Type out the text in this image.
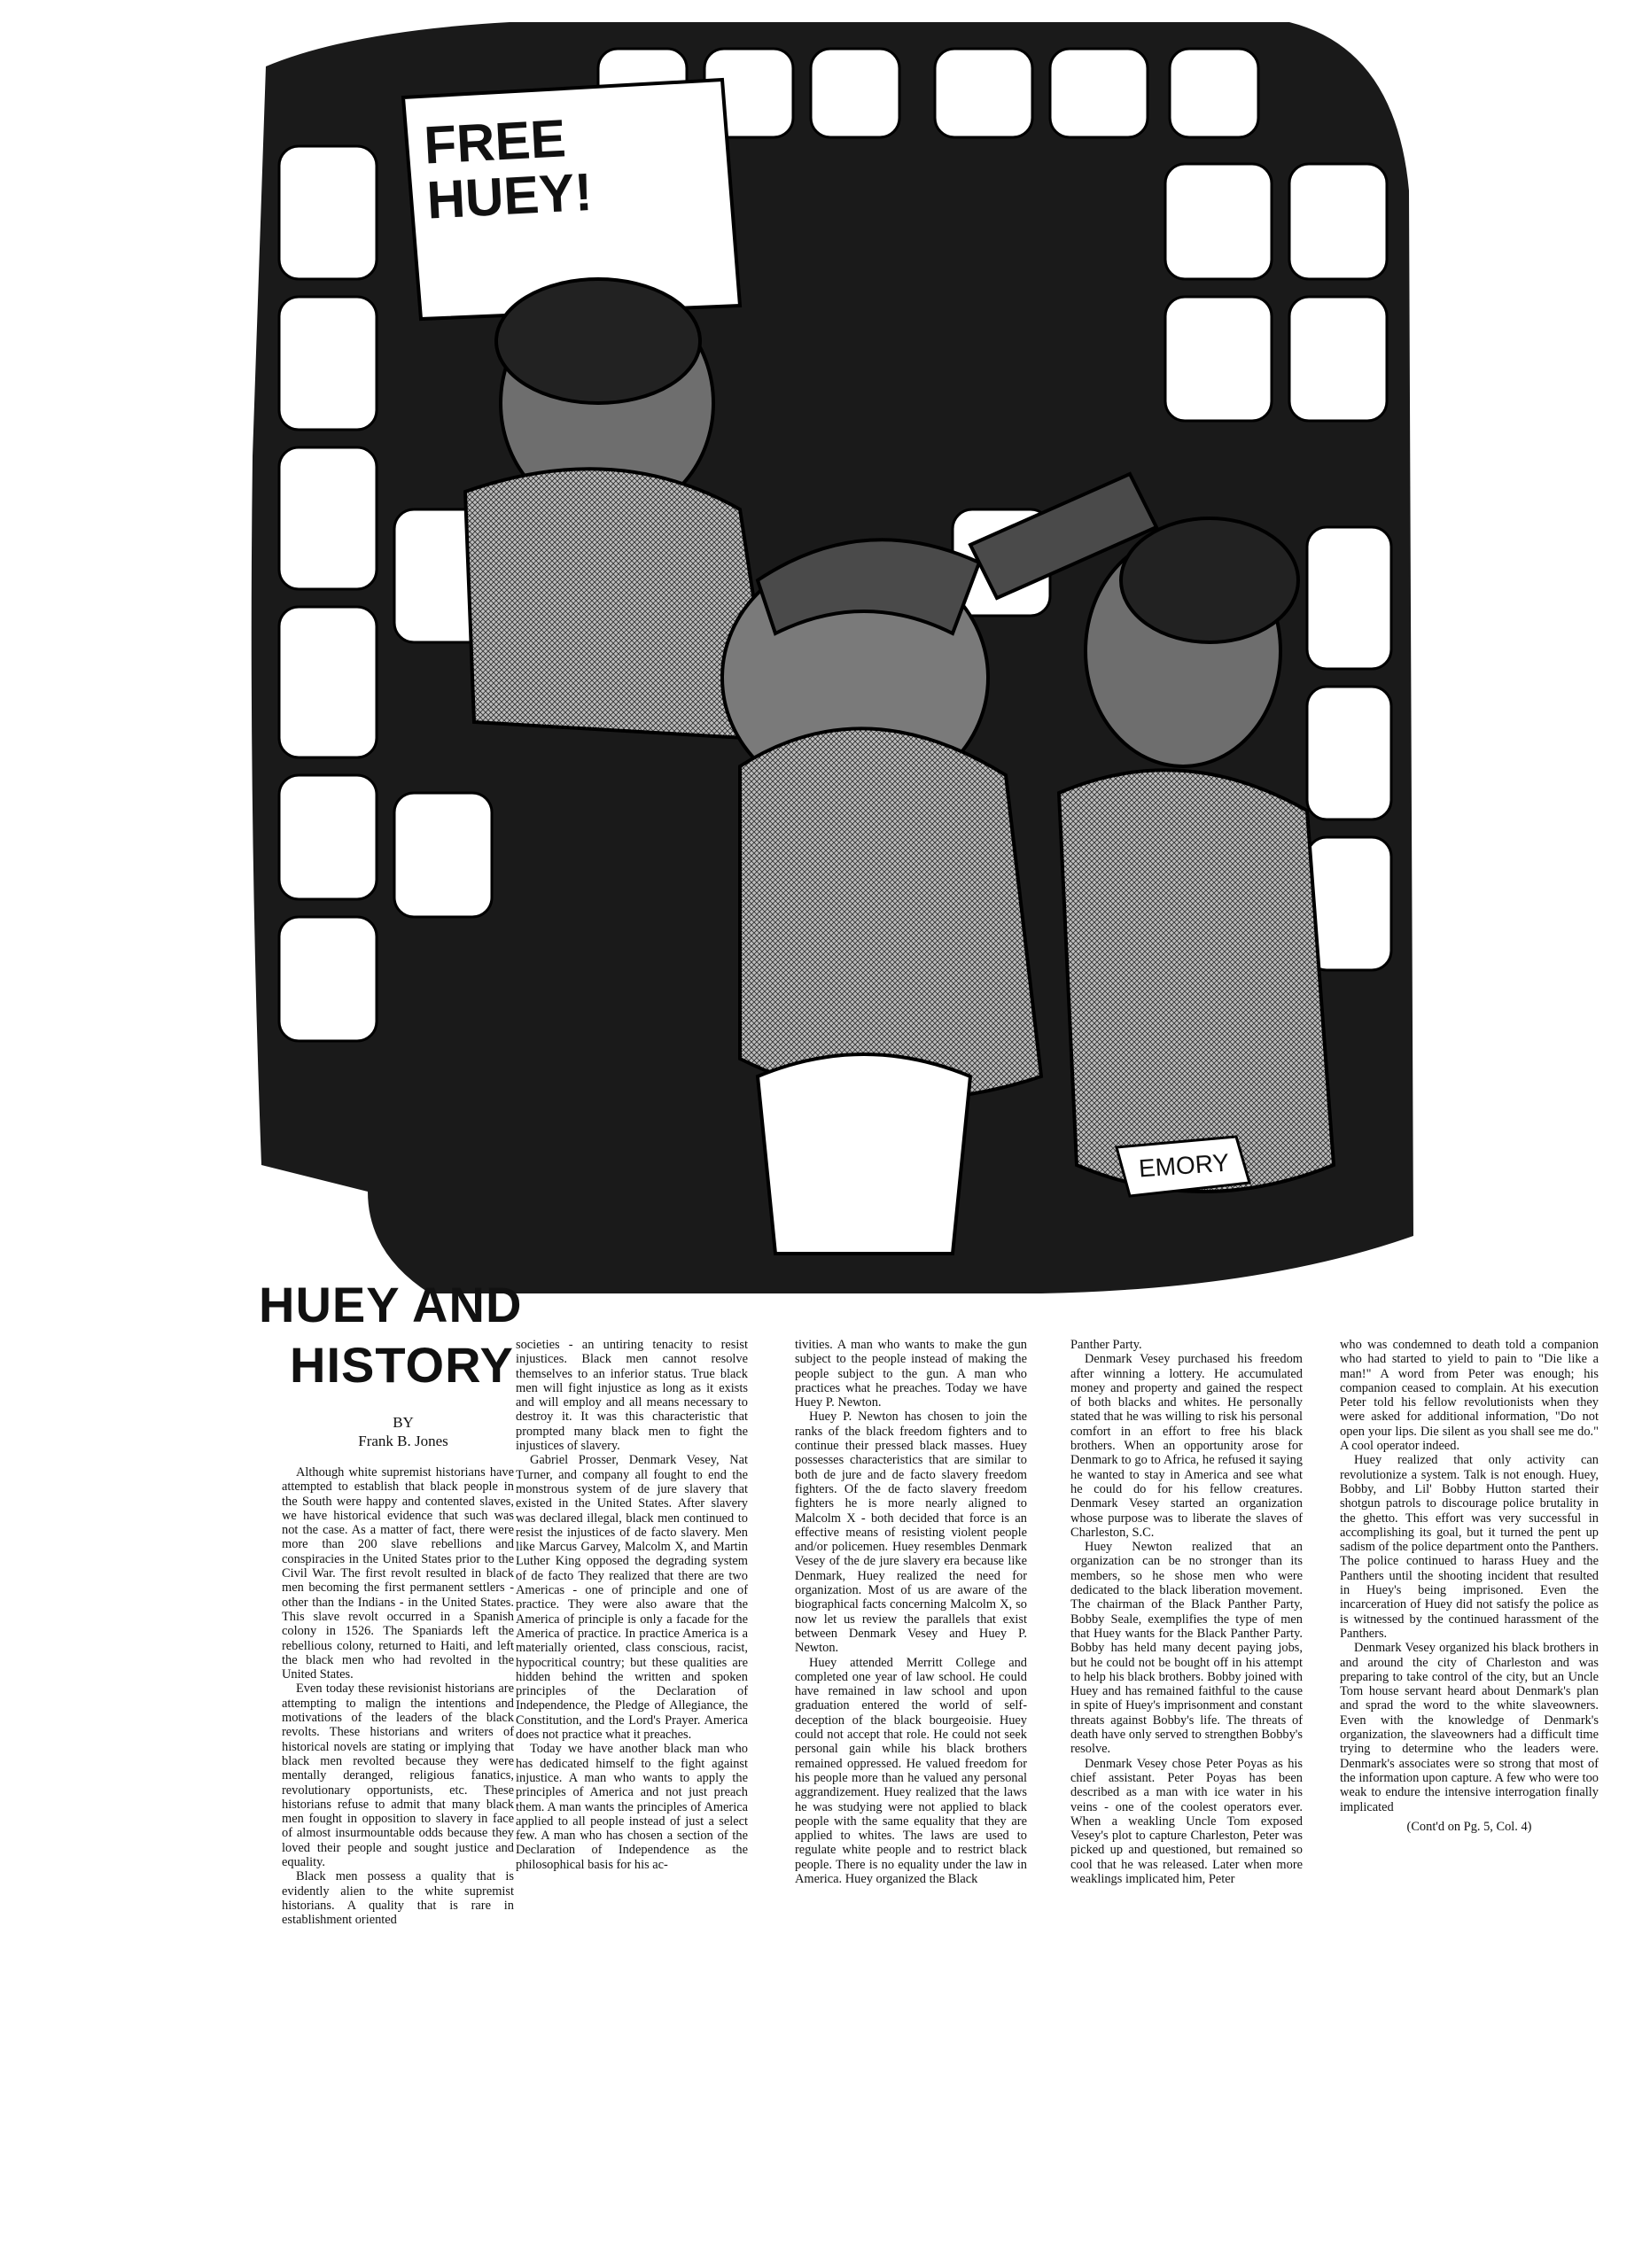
FREE
HUEY!
EMORY
HUEY AND
HISTORY
BY
Frank B. Jones

Although white supremist historians have attempted to establish that black people in the South were happy and contented slaves, we have historical evidence that such was not the case. As a matter of fact, there were more than 200 slave rebellions and conspiracies in the United States prior to the Civil War. The first revolt resulted in black men becoming the first permanent settlers - other than the Indians - in the United States. This slave revolt occurred in a Spanish colony in 1526. The Spaniards left the rebellious colony, returned to Haiti, and left the black men who had revolted in the United States.

Even today these revisionist historians are attempting to malign the intentions and motivations of the leaders of the black revolts. These historians and writers of historical novels are stating or implying that black men revolted because they were mentally deranged, religious fanatics, revolutionary opportunists, etc. These historians refuse to admit that many black men fought in opposition to slavery in face of almost insurmountable odds because they loved their people and sought justice and equality.

Black men possess a quality that is evidently alien to the white supremist historians. A quality that is rare in establishment oriented

societies - an untiring tenacity to resist injustices. Black men cannot resolve themselves to an inferior status. True black men will fight injustice as long as it exists and will employ and all means necessary to destroy it. It was this characteristic that prompted many black men to fight the injustices of slavery.

Gabriel Prosser, Denmark Vesey, Nat Turner, and company all fought to end the monstrous system of de jure slavery that existed in the United States. After slavery was declared illegal, black men continued to resist the injustices of de facto slavery. Men like Marcus Garvey, Malcolm X, and Martin Luther King opposed the degrading system of de facto They realized that there are two Americas - one of principle and one of practice. They were also aware that the America of principle is only a facade for the America of practice. In practice America is a materially oriented, class conscious, racist, hypocritical country; but these qualities are hidden behind the written and spoken principles of the Declaration of Independence, the Pledge of Allegiance, the Constitution, and the Lord's Prayer. America does not practice what it preaches.

Today we have another black man who has dedicated himself to the fight against injustice. A man who wants to apply the principles of America and not just preach them. A man wants the principles of America applied to all people instead of just a select few. A man who has chosen a section of the Declaration of Independence as the philosophical basis for his ac-

tivities. A man who wants to make the gun subject to the people instead of making the people subject to the gun. A man who practices what he preaches. Today we have Huey P. Newton.

Huey P. Newton has chosen to join the ranks of the black freedom fighters and to continue their pressed black masses. Huey possesses characteristics that are similar to both de jure and de facto slavery freedom fighters. Of the de facto slavery freedom fighters he is more nearly aligned to Malcolm X - both decided that force is an effective means of resisting violent people and/or policemen. Huey resembles Denmark Vesey of the de jure slavery era because like Denmark, Huey realized the need for organization. Most of us are aware of the biographical facts concerning Malcolm X, so now let us review the parallels that exist between Denmark Vesey and Huey P. Newton.

Huey attended Merritt College and completed one year of law school. He could have remained in law school and upon graduation entered the world of self-deception of the black bourgeoisie. Huey could not accept that role. He could not seek personal gain while his black brothers remained oppressed. He valued freedom for his people more than he valued any personal aggrandizement. Huey realized that the laws he was studying were not applied to black people with the same equality that they are applied to whites. The laws are used to regulate white people and to restrict black people. There is no equality under the law in America. Huey organized the Black

Panther Party.

Denmark Vesey purchased his freedom after winning a lottery. He accumulated money and property and gained the respect of both blacks and whites. He personally stated that he was willing to risk his personal comfort in an effort to free his black brothers. When an opportunity arose for Denmark to go to Africa, he refused it saying he wanted to stay in America and see what he could do for his fellow creatures. Denmark Vesey started an organization whose purpose was to liberate the slaves of Charleston, S.C.

Huey Newton realized that an organization can be no stronger than its members, so he shose men who were dedicated to the black liberation movement. The chairman of the Black Panther Party, Bobby Seale, exemplifies the type of men that Huey wants for the Black Panther Party. Bobby has held many decent paying jobs, but he could not be bought off in his attempt to help his black brothers. Bobby joined with Huey and has remained faithful to the cause in spite of Huey's imprisonment and constant threats against Bobby's life. The threats of death have only served to strengthen Bobby's resolve.

Denmark Vesey chose Peter Poyas as his chief assistant. Peter Poyas has been described as a man with ice water in his veins - one of the coolest operators ever. When a weakling Uncle Tom exposed Vesey's plot to capture Charleston, Peter was picked up and questioned, but remained so cool that he was released. Later when more weaklings implicated him, Peter

who was condemned to death told a companion who had started to yield to pain to "Die like a man!" A word from Peter was enough; his companion ceased to complain. At his execution Peter told his fellow revolutionists when they were asked for additional information, "Do not open your lips. Die silent as you shall see me do." A cool operator indeed.

Huey realized that only activity can revolutionize a system. Talk is not enough. Huey, Bobby, and Lil' Bobby Hutton started their shotgun patrols to discourage police brutality in the ghetto. This effort was very successful in accomplishing its goal, but it turned the pent up sadism of the police department onto the Panthers. The police continued to harass Huey and the Panthers until the shooting incident that resulted in Huey's being imprisoned. Even the incarceration of Huey did not satisfy the police as is witnessed by the continued harassment of the Panthers.

Denmark Vesey organized his black brothers in and around the city of Charleston and was preparing to take control of the city, but an Uncle Tom house servant heard about Denmark's plan and sprad the word to the white slaveowners. Even with the knowledge of Denmark's organization, the slaveowners had a difficult time trying to determine who the leaders were. Denmark's associates were so strong that most of the information upon capture. A few who were too weak to endure the intensive interrogation finally implicated

(Cont'd on Pg. 5, Col. 4)
